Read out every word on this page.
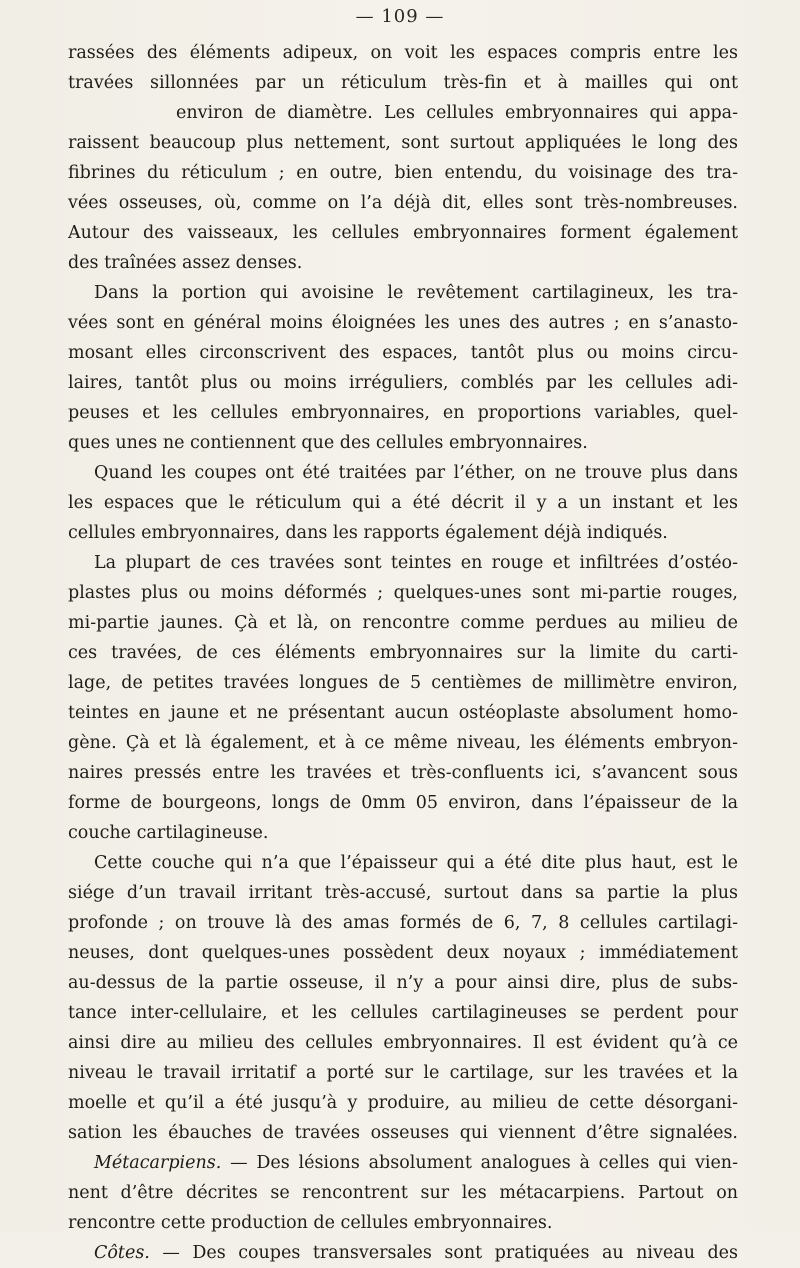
— 109 —
rassées des éléments adipeux, on voit les espaces compris entre les
travées sillonnées par un réticulum très-fin et à mailles qui ont
environ de diamètre. Les cellules embryonnaires qui appa-
raissent beaucoup plus nettement, sont surtout appliquées le long des
fibrines du réticulum ; en outre, bien entendu, du voisinage des tra-
vées osseuses, où, comme on l’a déjà dit, elles sont très-nombreuses.
Autour des vaisseaux, les cellules embryonnaires forment également
des traînées assez denses.
Dans la portion qui avoisine le revêtement cartilagineux, les tra-
vées sont en général moins éloignées les unes des autres ; en s’anasto-
mosant elles circonscrivent des espaces, tantôt plus ou moins circu-
laires, tantôt plus ou moins irréguliers, comblés par les cellules adi-
peuses et les cellules embryonnaires, en proportions variables, quel-
ques unes ne contiennent que des cellules embryonnaires.
Quand les coupes ont été traitées par l’éther, on ne trouve plus dans
les espaces que le réticulum qui a été décrit il y a un instant et les
cellules embryonnaires, dans les rapports également déjà indiqués.
La plupart de ces travées sont teintes en rouge et infiltrées d’ostéo-
plastes plus ou moins déformés ; quelques-unes sont mi-partie rouges,
mi-partie jaunes. Çà et là, on rencontre comme perdues au milieu de
ces travées, de ces éléments embryonnaires sur la limite du carti-
lage, de petites travées longues de 5 centièmes de millimètre environ,
teintes en jaune et ne présentant aucun ostéoplaste absolument homo-
gène. Çà et là également, et à ce même niveau, les éléments embryon-
naires pressés entre les travées et très-confluents ici, s’avancent sous
forme de bourgeons, longs de 0mm 05 environ, dans l’épaisseur de la
couche cartilagineuse.
Cette couche qui n’a que l’épaisseur qui a été dite plus haut, est le
siége d’un travail irritant très-accusé, surtout dans sa partie la plus
profonde ; on trouve là des amas formés de 6, 7, 8 cellules cartilagi-
neuses, dont quelques-unes possèdent deux noyaux ; immédiatement
au-dessus de la partie osseuse, il n’y a pour ainsi dire, plus de subs-
tance inter-cellulaire, et les cellules cartilagineuses se perdent pour
ainsi dire au milieu des cellules embryonnaires. Il est évident qu’à ce
niveau le travail irritatif a porté sur le cartilage, sur les travées et la
moelle et qu’il a été jusqu’à y produire, au milieu de cette désorgani-
sation les ébauches de travées osseuses qui viennent d’être signalées.
Métacarpiens. — Des lésions absolument analogues à celles qui vien-
nent d’être décrites se rencontrent sur les métacarpiens. Partout on
rencontre cette production de cellules embryonnaires.
Côtes. — Des coupes transversales sont pratiquées au niveau des
